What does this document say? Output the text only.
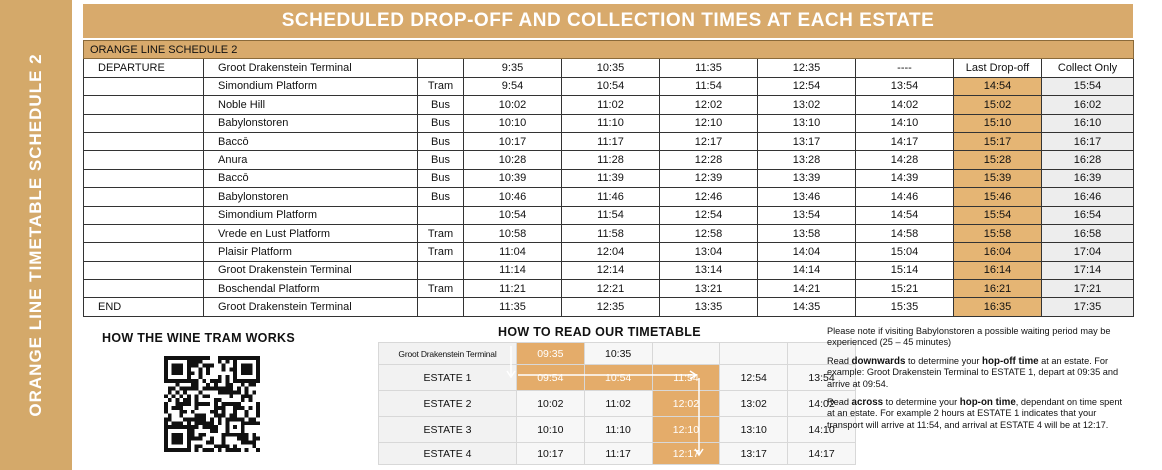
ORANGE LINE TIMETABLE SCHEDULE 2
SCHEDULED DROP-OFF AND COLLECTION TIMES AT EACH ESTATE
ORANGE LINE SCHEDULE 2									
DEPARTURE	Groot Drakenstein Terminal		9:35	10:35	11:35	12:35	----	Last Drop-off	Collect Only
	Simondium Platform	Tram	9:54	10:54	11:54	12:54	13:54	14:54	15:54
	Noble Hill	Bus	10:02	11:02	12:02	13:02	14:02	15:02	16:02
	Babylonstoren	Bus	10:10	11:10	12:10	13:10	14:10	15:10	16:10
	Baccō	Bus	10:17	11:17	12:17	13:17	14:17	15:17	16:17
	Anura	Bus	10:28	11:28	12:28	13:28	14:28	15:28	16:28
	Baccō	Bus	10:39	11:39	12:39	13:39	14:39	15:39	16:39
	Babylonstoren	Bus	10:46	11:46	12:46	13:46	14:46	15:46	16:46
	Simondium Platform		10:54	11:54	12:54	13:54	14:54	15:54	16:54
	Vrede en Lust Platform	Tram	10:58	11:58	12:58	13:58	14:58	15:58	16:58
	Plaisir Platform	Tram	11:04	12:04	13:04	14:04	15:04	16:04	17:04
	Groot Drakenstein Terminal		11:14	12:14	13:14	14:14	15:14	16:14	17:14
	Boschendal Platform	Tram	11:21	12:21	13:21	14:21	15:21	16:21	17:21
END	Groot Drakenstein Terminal		11:35	12:35	13:35	14:35	15:35	16:35	17:35
HOW THE WINE TRAM WORKS	HOW TO READ OUR TIMETABLE
Groot Drakenstein Terminal	09:35	10:35			
ESTATE 1	09:54	10:54	11:54	12:54	13:54
ESTATE 2	10:02	11:02	12:02	13:02	14:02
ESTATE 3	10:10	11:10	12:10	13:10	14:10
ESTATE 4	10:17	11:17	12:17	13:17	14:17

Please note if visiting Babylonstoren a possible waiting period may be experienced (25 – 45 minutes)

Read downwards to determine your hop-off time at an estate. For example: Groot Drakenstein Terminal to ESTATE 1, depart at 09:35 and arrive at 09:54.

Read across to determine your hop-on time, dependant on time spent at an estate. For example 2 hours at ESTATE 1 indicates that your transport will arrive at 11:54, and arrival at ESTATE 4 will be at 12:17.
